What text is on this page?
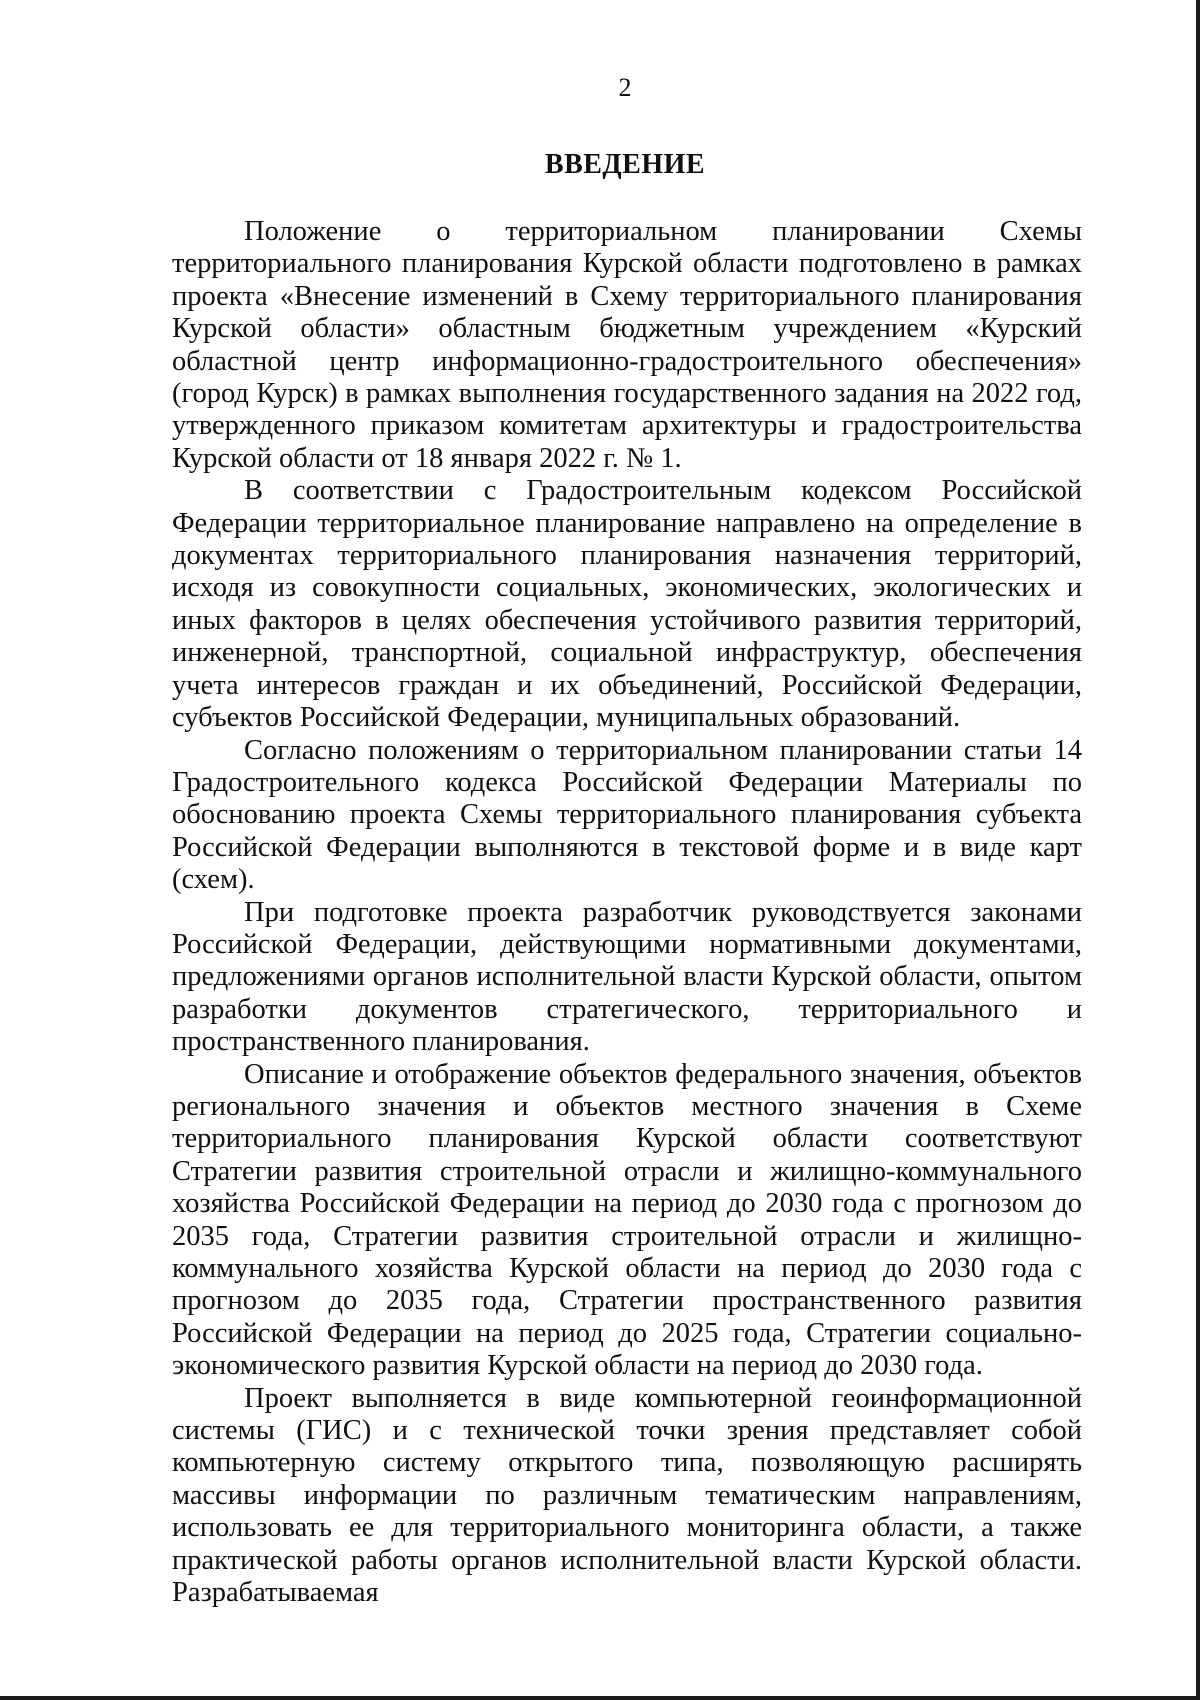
2
ВВЕДЕНИЕ

Положение о территориальном планировании Схемы территориального планирования Курской области подготовлено в рамках проекта «Внесение изменений в Схему территориального планирования Курской области» областным бюджетным учреждением «Курский областной центр информационно-градостроительного обеспечения» (город Курск) в рамках выполнения государственного задания на 2022 год, утвержденного приказом комитетам архитектуры и градостроительства Курской области от 18 января 2022 г. № 1.

В соответствии с Градостроительным кодексом Российской Федерации территориальное планирование направлено на определение в документах территориального планирования назначения территорий, исходя из совокупности социальных, экономических, экологических и иных факторов в целях обеспечения устойчивого развития территорий, инженерной, транспортной, социальной инфраструктур, обеспечения учета интересов граждан и их объединений, Российской Федерации, субъектов Российской Федерации, муниципальных образований.

Согласно положениям о территориальном планировании статьи 14 Градостроительного кодекса Российской Федерации Материалы по обоснованию проекта Схемы территориального планирования субъекта Российской Федерации выполняются в текстовой форме и в виде карт (схем).

При подготовке проекта разработчик руководствуется законами Российской Федерации, действующими нормативными документами, предложениями органов исполнительной власти Курской области, опытом разработки документов стратегического, территориального и пространственного планирования.

Описание и отображение объектов федерального значения, объектов регионального значения и объектов местного значения в Схеме территориального планирования Курской области соответствуют Стратегии развития строительной отрасли и жилищно-коммунального хозяйства Российской Федерации на период до 2030 года с прогнозом до 2035 года, Стратегии развития строительной отрасли и жилищно-коммунального хозяйства Курской области на период до 2030 года с прогнозом до 2035 года, Стратегии пространственного развития Российской Федерации на период до 2025 года, Стратегии социально-экономического развития Курской области на период до 2030 года.

Проект выполняется в виде компьютерной геоинформационной системы (ГИС) и с технической точки зрения представляет собой компьютерную систему открытого типа, позволяющую расширять массивы информации по различным тематическим направлениям, использовать ее для территориального мониторинга области, а также практической работы органов исполнительной власти Курской области. Разрабатываемая
